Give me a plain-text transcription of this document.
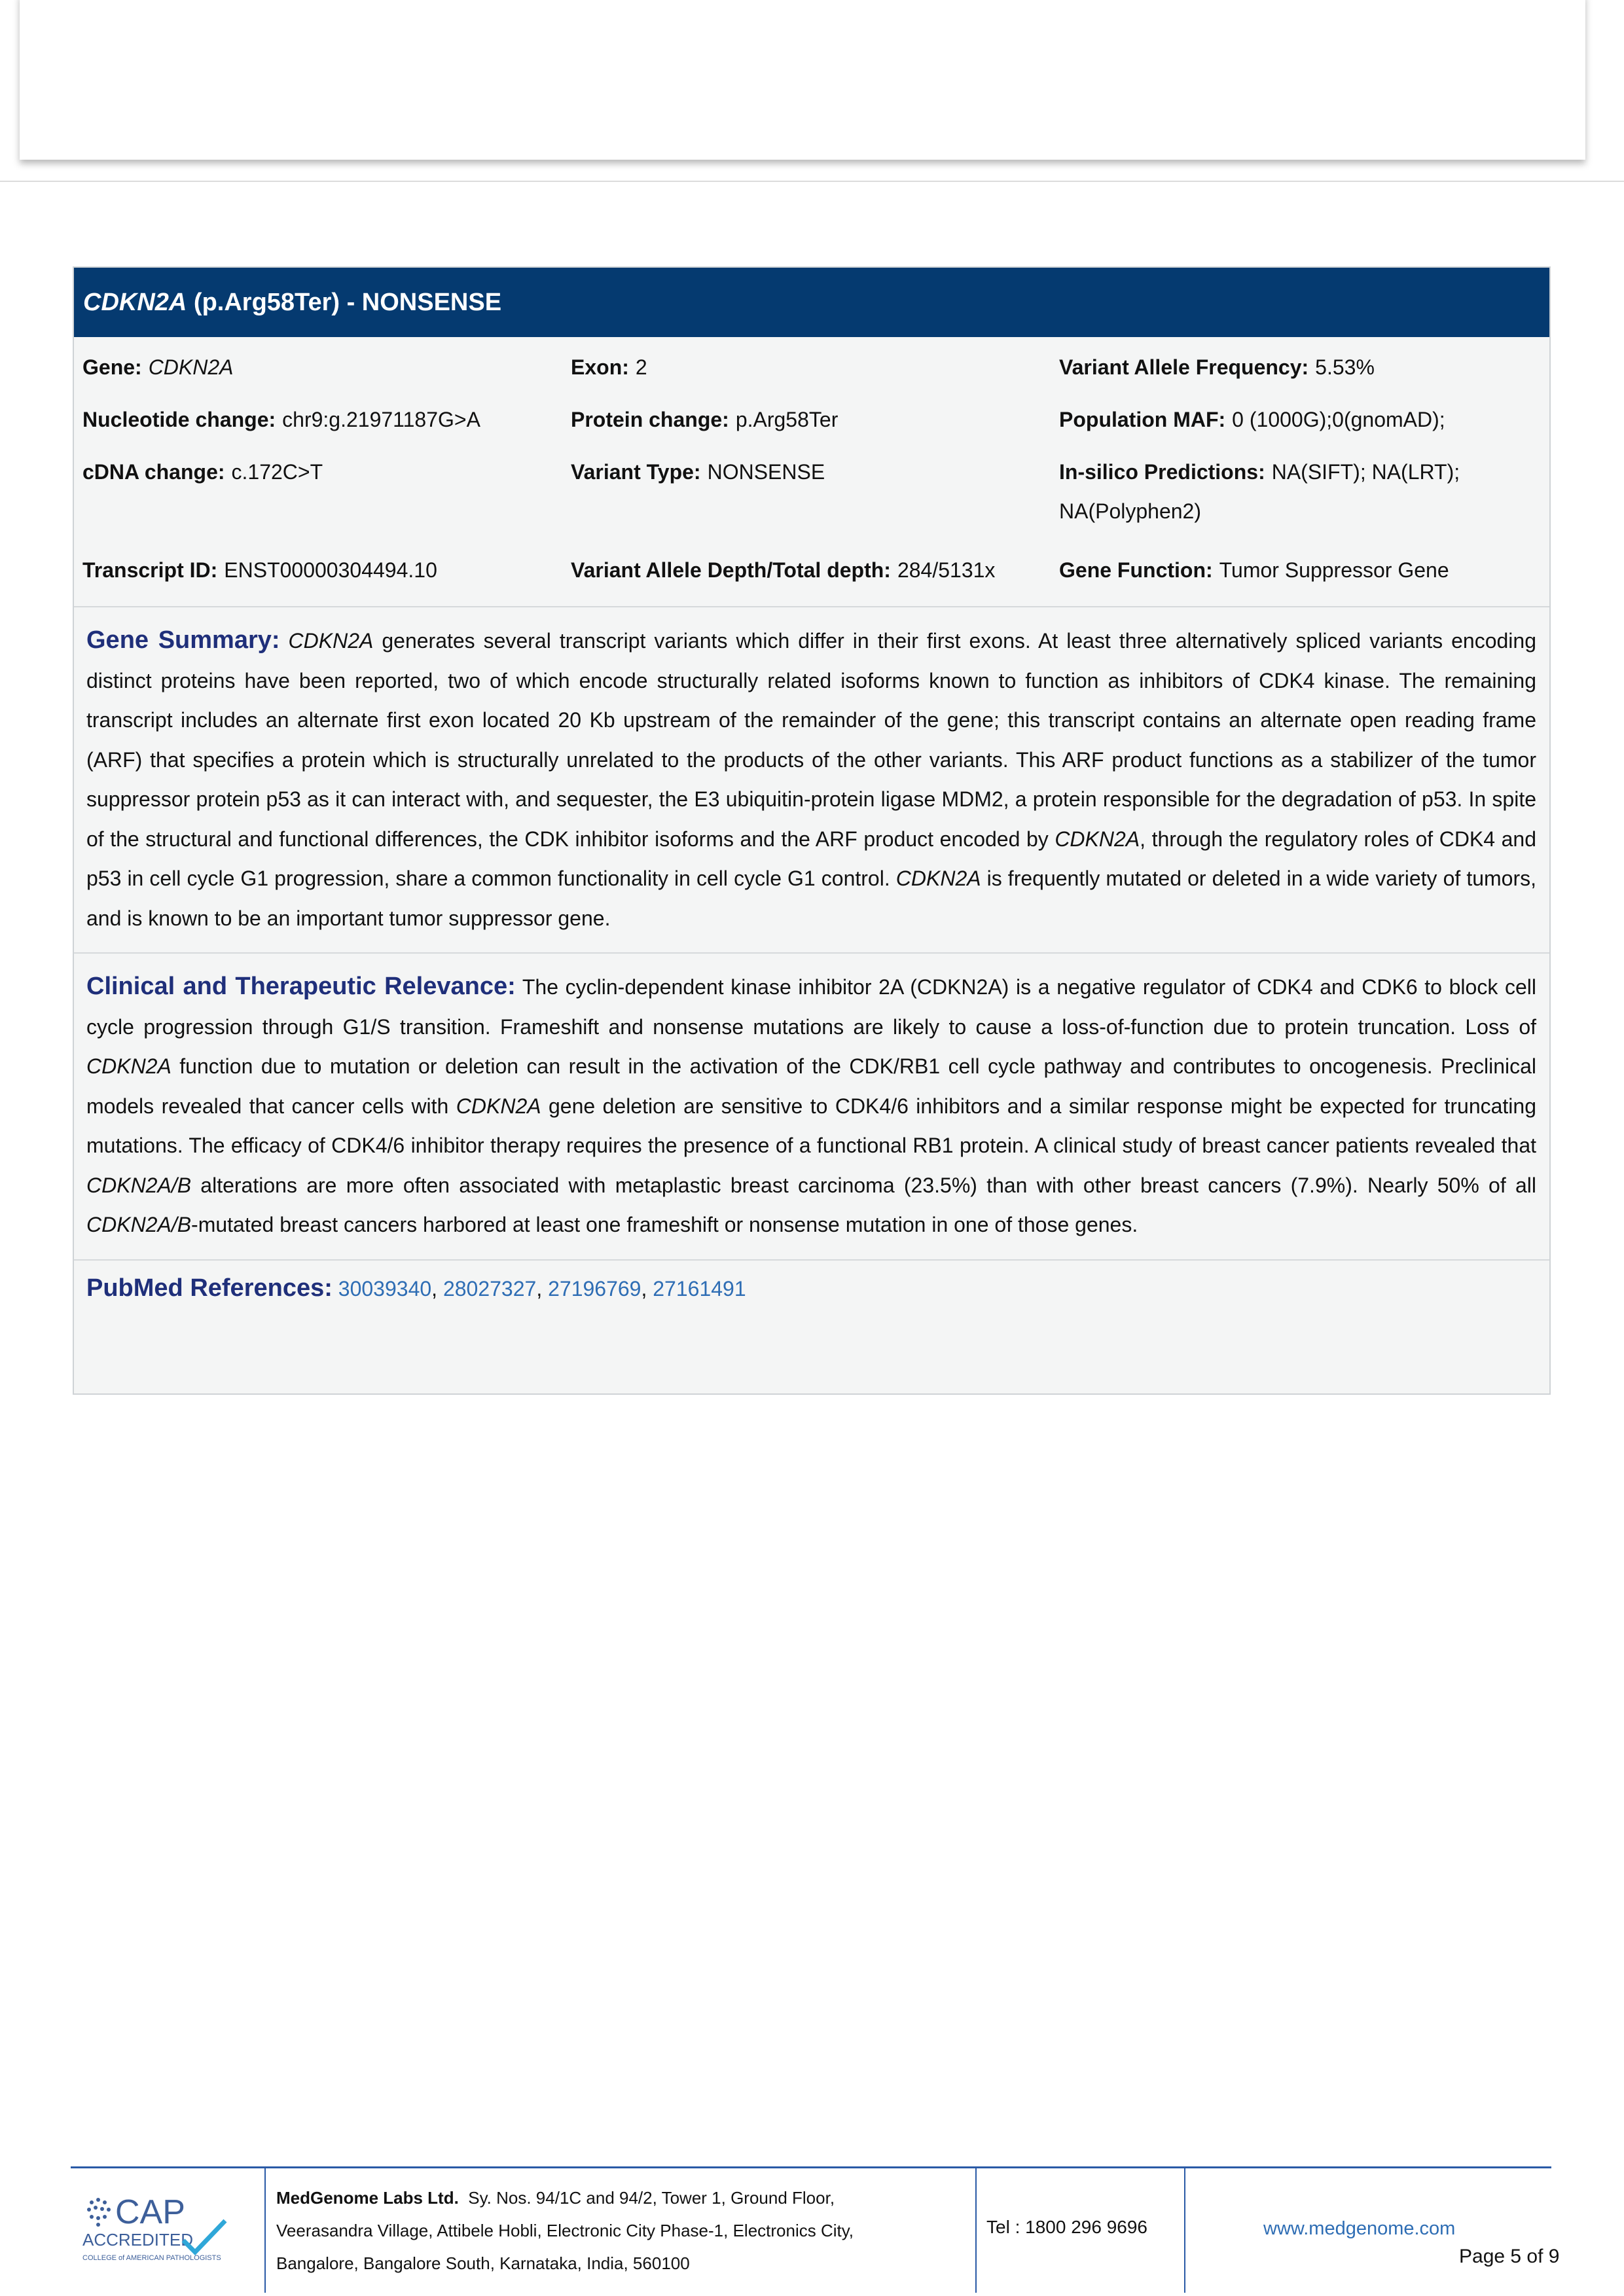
CDKN2A (p.Arg58Ter) - NONSENSE
Gene: CDKN2A	Exon: 2	Variant Allele Frequency: 5.53%
Nucleotide change: chr9:g.21971187G>A	Protein change: p.Arg58Ter	Population MAF: 0 (1000G);0(gnomAD);
cDNA change: c.172C>T	Variant Type: NONSENSE	In-silico Predictions: NA(SIFT); NA(LRT);
NA(Polyphen2)
Transcript ID: ENST00000304494.10	Variant Allele Depth/Total depth: 284/5131x	Gene Function: Tumor Suppressor Gene

Gene Summary: CDKN2A generates several transcript variants which differ in their first exons. At least three alternatively spliced variants encoding distinct proteins have been reported, two of which encode structurally related isoforms known to function as inhibitors of CDK4 kinase. The remaining transcript includes an alternate first exon located 20 Kb upstream of the remainder of the gene; this transcript contains an alternate open reading frame (ARF) that specifies a protein which is structurally unrelated to the products of the other variants. This ARF product functions as a stabilizer of the tumor suppressor protein p53 as it can interact with, and sequester, the E3 ubiquitin-protein ligase MDM2, a protein responsible for the degradation of p53. In spite of the structural and functional differences, the CDK inhibitor isoforms and the ARF product encoded by CDKN2A, through the regulatory roles of CDK4 and p53 in cell cycle G1 progression, share a common functionality in cell cycle G1 control. CDKN2A is frequently mutated or deleted in a wide variety of tumors, and is known to be an important tumor suppressor gene.

Clinical and Therapeutic Relevance: The cyclin-dependent kinase inhibitor 2A (CDKN2A) is a negative regulator of CDK4 and CDK6 to block cell cycle progression through G1/S transition. Frameshift and nonsense mutations are likely to cause a loss-of-function due to protein truncation. Loss of CDKN2A function due to mutation or deletion can result in the activation of the CDK/RB1 cell cycle pathway and contributes to oncogenesis. Preclinical models revealed that cancer cells with CDKN2A gene deletion are sensitive to CDK4/6 inhibitors and a similar response might be expected for truncating mutations. The efficacy of CDK4/6 inhibitor therapy requires the presence of a functional RB1 protein. A clinical study of breast cancer patients revealed that CDKN2A/B alterations are more often associated with metaplastic breast carcinoma (23.5%) than with other breast cancers (7.9%). Nearly 50% of all CDKN2A/B-mutated breast cancers harbored at least one frameshift or nonsense mutation in one of those genes.

PubMed References: 30039340, 28027327, 27196769, 27161491
CAP
ACCREDITED
COLLEGE of AMERICAN PATHOLOGISTS
MedGenome Labs Ltd. Sy. Nos. 94/1C and 94/2, Tower 1, Ground Floor,
Veerasandra Village, Attibele Hobli, Electronic City Phase-1, Electronics City,
Bangalore, Bangalore South, Karnataka, India, 560100
Tel : 1800 296 9696	www.medgenome.com
Page 5 of 9
